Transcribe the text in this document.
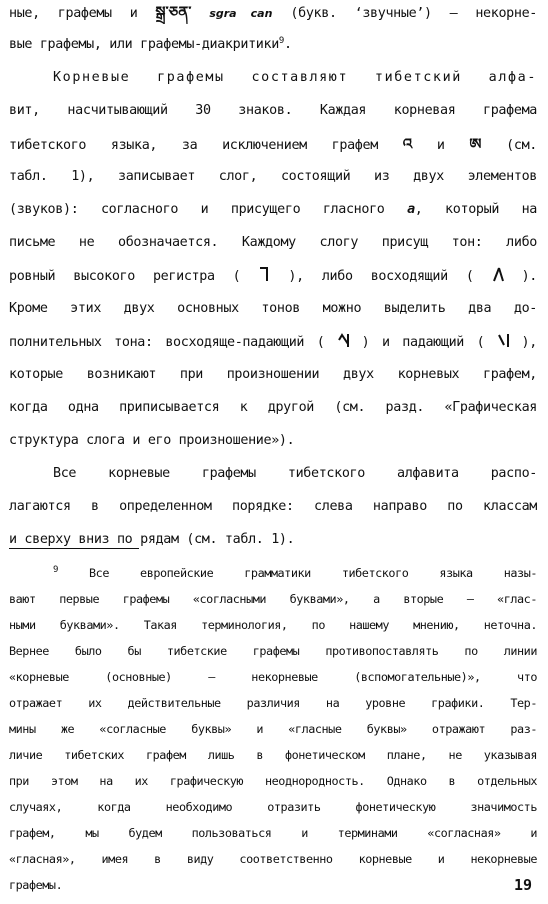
ные, графемы и སྒྲ་ཅན་ sgra can (букв. ‘звучные’) – некорне-
вые графемы, или графемы-диакритики$^9$.
Корневые графемы составляют тибетский алфа-
вит, насчитывающий 30 знаков. Каждая корневая графема
тибетского языка, за исключением графем འ и ཨ (см.
табл. 1), записывает слог, состоящий из двух элементов
(звуков): согласного и присущего гласного а, который на
письме не обозначается. Каждому слогу присущ тон: либо
ровный высокого регистра (	), либо восходящий (	).
Кроме этих двух основных тонов можно выделить два до-
полнительных тона: восходяще-падающий (	) и падающий (	),
которые возникают при произношении двух корневых графем,
когда одна приписывается к другой (см. разд. «Графическая
структура слога и его произношение»).
Все корневые графемы тибетского алфавита распо-
лагаются в определенном порядке: слева направо по классам
и сверху вниз по рядам (см. табл. 1).
$^9$	Все европейские грамматики тибетского языка назы-
вают первые графемы «согласными буквами», а вторые – «глас-
ными буквами». Такая терминология, по нашему мнению, неточна.
Вернее было бы тибетские графемы противопоставлять по линии
«корневые (основные) – некорневые (вспомогательные)», что
отражает их действительные различия на уровне графики. Тер-
мины же «согласные буквы» и «гласные буквы» отражают раз-
личие тибетских графем лишь в фонетическом плане, не указывая
при этом на их графическую неоднородность. Однако в отдельных
случаях, когда необходимо отразить фонетическую значимость
графем, мы будем пользоваться и терминами «согласная» и
«гласная», имея в виду соответственно корневые и некорневые
графемы.	19
